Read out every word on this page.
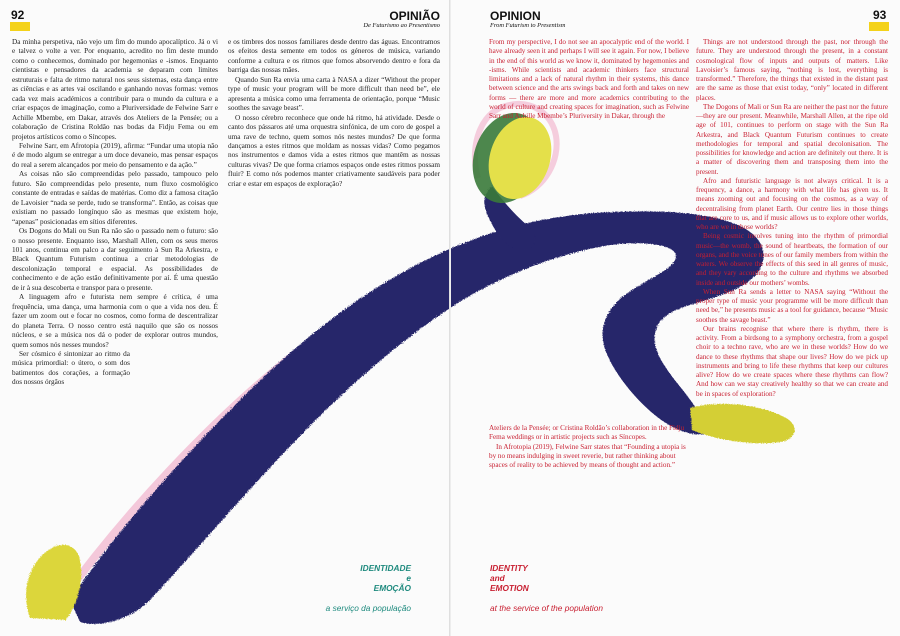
92	OPINIÃO
De Futurismo ao Presentismo
93
OPINION
From Futurism to Presentism

Da minha perspetiva, não vejo um fim do mundo apocalíptico. Já o vi e talvez o volte a ver. Por enquanto, acredito no fim deste mundo como o conhecemos, dominado por hegemonias e -ismos. Enquanto cientistas e pensadores da academia se deparam com limites estruturais e falta de ritmo natural nos seus sistemas, esta dança entre as ciências e as artes vai oscilando e ganhando novas formas: vemos cada vez mais académicos a contribuir para o mundo da cultura e a criar espaços de imaginação, como a Pluriversidade de Felwine Sarr e Achille Mbembe, em Dakar, através dos Ateliers de la Pensée; ou a colaboração de Cristina Roldão nas bodas da Fidju Fema ou em projetos artísticos como o Síncopes.

Felwine Sarr, em Afrotopia (2019), afirma: “Fundar uma utopia não é de modo algum se entregar a um doce devaneio, mas pensar espaços do real a serem alcançados por meio do pensamento e da ação.”

As coisas não são compreendidas pelo passado, tampouco pelo futuro. São compreendidas pelo presente, num fluxo cosmológico constante de entradas e saídas de matérias. Como diz a famosa citação de Lavoisier “nada se perde, tudo se transforma”. Então, as coisas que existiam no passado longínquo são as mesmas que existem hoje, “apenas” posicionadas em sítios diferentes.

Os Dogons do Mali ou Sun Ra não são o passado nem o futuro: são o nosso presente. Enquanto isso, Marshall Allen, com os seus meros 101 anos, continua em palco a dar seguimento à Sun Ra Arkestra, e Black Quantum Futurism continua a criar metodologias de descolonização temporal e espacial. As possibilidades de conhecimento e de ação estão definitivamente por aí. É uma questão de ir à sua descoberta e transpor para o presente.

A linguagem afro e futurista nem sempre é crítica, é uma frequência, uma dança, uma harmonia com o que a vida nos deu. É fazer um zoom out e focar no cosmos, como forma de descentralizar do planeta Terra. O nosso centro está naquilo que são os nossos núcleos, e se a música nos dá o poder de explorar outros mundos, quem somos nós nesses mundos?

Ser cósmico é sintonizar ao ritmo da música primordial: o útero, o som dos batimentos dos corações, a formação dos nossos órgãos

e os timbres dos nossos familiares desde dentro das águas. Encontramos os efeitos desta semente em todos os géneros de música, variando conforme a cultura e os ritmos que fomos absorvendo dentro e fora da barriga das nossas mães.

Quando Sun Ra envia uma carta à NASA a dizer “Without the proper type of music your program will be more difficult than need be”, ele apresenta a música como uma ferramenta de orientação, porque “Music soothes the savage beast”.

O nosso cérebro reconhece que onde há ritmo, há atividade. Desde o canto dos pássaros até uma orquestra sinfónica, de um coro de gospel a uma rave de techno, quem somos nós nestes mundos? De que forma dançamos a estes ritmos que moldam as nossas vidas? Como pegamos nos instrumentos e damos vida a estes ritmos que mantêm as nossas culturas vivas? De que forma criamos espaços onde estes ritmos possam fluir? E como nós podemos manter criativamente saudáveis para poder criar e estar em espaços de exploração?

IDENTIDADE
e
EMOÇÃO
a serviço da população

From my perspective, I do not see an apocalyptic end of the world. I have already seen it and perhaps I will see it again. For now, I believe in the end of this world as we know it, dominated by hegemonies and -isms. While scientists and academic thinkers face structural limitations and a lack of natural rhythm in their systems, this dance between science and the arts swings back and forth and takes on new forms — there are more and more academics contributing to the world of culture and creating spaces for imagination, such as Felwine Sarr and Achille Mbembe’s Pluriversity in Dakar, through the

Ateliers de la Pensée; or Cristina Roldão’s collaboration in the Fidju Fema weddings or in artistic projects such as Síncopes.

In Afrotopia (2019), Felwine Sarr states that “Founding a utopia is by no means indulging in sweet reverie, but rather thinking about spaces of reality to be achieved by means of thought and action.”

Things are not understood through the past, nor through the future. They are understood through the present, in a constant cosmological flow of inputs and outputs of matters. Like Lavoisier’s famous saying, “nothing is lost, everything is transformed.” Therefore, the things that existed in the distant past are the same as those that exist today, “only” located in different places.

The Dogons of Mali or Sun Ra are neither the past nor the future—they are our present. Meanwhile, Marshall Allen, at the ripe old age of 101, continues to perform on stage with the Sun Ra Arkestra, and Black Quantum Futurism continues to create methodologies for temporal and spatial decolonisation. The possibilities for knowledge and action are definitely out there. It is a matter of discovering them and transposing them into the present.

Afro and futuristic language is not always critical. It is a frequency, a dance, a harmony with what life has given us. It means zooming out and focusing on the cosmos, as a way of decentralising from planet Earth. Our centre lies in those things that are core to us, and if music allows us to explore other worlds, who are we in those worlds?

Being cosmic involves tuning into the rhythm of primordial music—the womb, the sound of heartbeats, the formation of our organs, and the voice tones of our family members from within the waters. We observe the effects of this seed in all genres of music, and they vary according to the culture and rhythms we absorbed inside and outside our mothers’ wombs.

When Sun Ra sends a letter to NASA saying “Without the proper type of music your programme will be more difficult than need be,” he presents music as a tool for guidance, because “Music soothes the savage beast.”

Our brains recognise that where there is rhythm, there is activity. From a birdsong to a symphony orchestra, from a gospel choir to a techno rave, who are we in these worlds? How do we dance to these rhythms that shape our lives? How do we pick up instruments and bring to life these rhythms that keep our cultures alive? How do we create spaces where these rhythms can flow? And how can we stay creatively healthy so that we can create and be in spaces of exploration?

IDENTITY
and
EMOTION
at the service of the population
